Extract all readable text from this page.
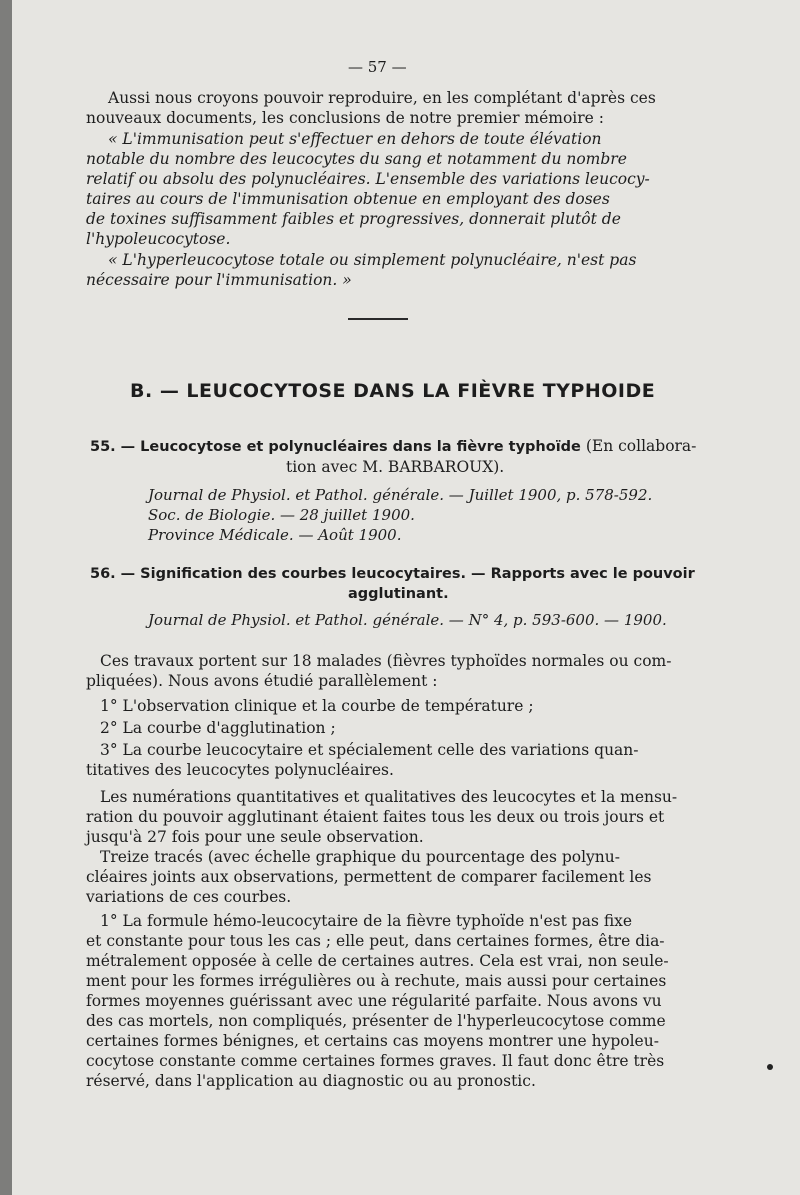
— 57 —
Aussi nous croyons pouvoir reproduire, en les complétant d'après ces
nouveaux documents, les conclusions de notre premier mémoire :
« L'immunisation peut s'effectuer en dehors de toute élévation
notable du nombre des leucocytes du sang et notamment du nombre
relatif ou absolu des polynucléaires. L'ensemble des variations leucocy-
taires au cours de l'immunisation obtenue en employant des doses
de toxines suffisamment faibles et progressives, donnerait plutôt de
l'hypoleucocytose.
« L'hyperleucocytose totale ou simplement polynucléaire, n'est pas
nécessaire pour l'immunisation. »
B. — LEUCOCYTOSE DANS LA FIÈVRE TYPHOIDE
55. — Leucocytose et polynucléaires dans la fièvre typhoïde (En collabora-
tion avec M. BARBAROUX).
Journal de Physiol. et Pathol. générale. — Juillet 1900, p. 578-592.
Soc. de Biologie. — 28 juillet 1900.
Province Médicale. — Août 1900.
56. — Signification des courbes leucocytaires. — Rapports avec le pouvoir
agglutinant.
Journal de Physiol. et Pathol. générale. — N° 4, p. 593-600. — 1900.
Ces travaux portent sur 18 malades (fièvres typhoïdes normales ou com-
pliquées). Nous avons étudié parallèlement :
1° L'observation clinique et la courbe de température ;
2° La courbe d'agglutination ;
3° La courbe leucocytaire et spécialement celle des variations quan-
titatives des leucocytes polynucléaires.
Les numérations quantitatives et qualitatives des leucocytes et la mensu-
ration du pouvoir agglutinant étaient faites tous les deux ou trois jours et
jusqu'à 27 fois pour une seule observation.
Treize tracés (avec échelle graphique du pourcentage des polynu-
cléaires joints aux observations, permettent de comparer facilement les
variations de ces courbes.
1° La formule hémo-leucocytaire de la fièvre typhoïde n'est pas fixe
et constante pour tous les cas ; elle peut, dans certaines formes, être dia-
métralement opposée à celle de certaines autres. Cela est vrai, non seule-
ment pour les formes irrégulières ou à rechute, mais aussi pour certaines
formes moyennes guérissant avec une régularité parfaite. Nous avons vu
des cas mortels, non compliqués, présenter de l'hyperleucocytose comme
certaines formes bénignes, et certains cas moyens montrer une hypoleu-
cocytose constante comme certaines formes graves. Il faut donc être très
réservé, dans l'application au diagnostic ou au pronostic.
